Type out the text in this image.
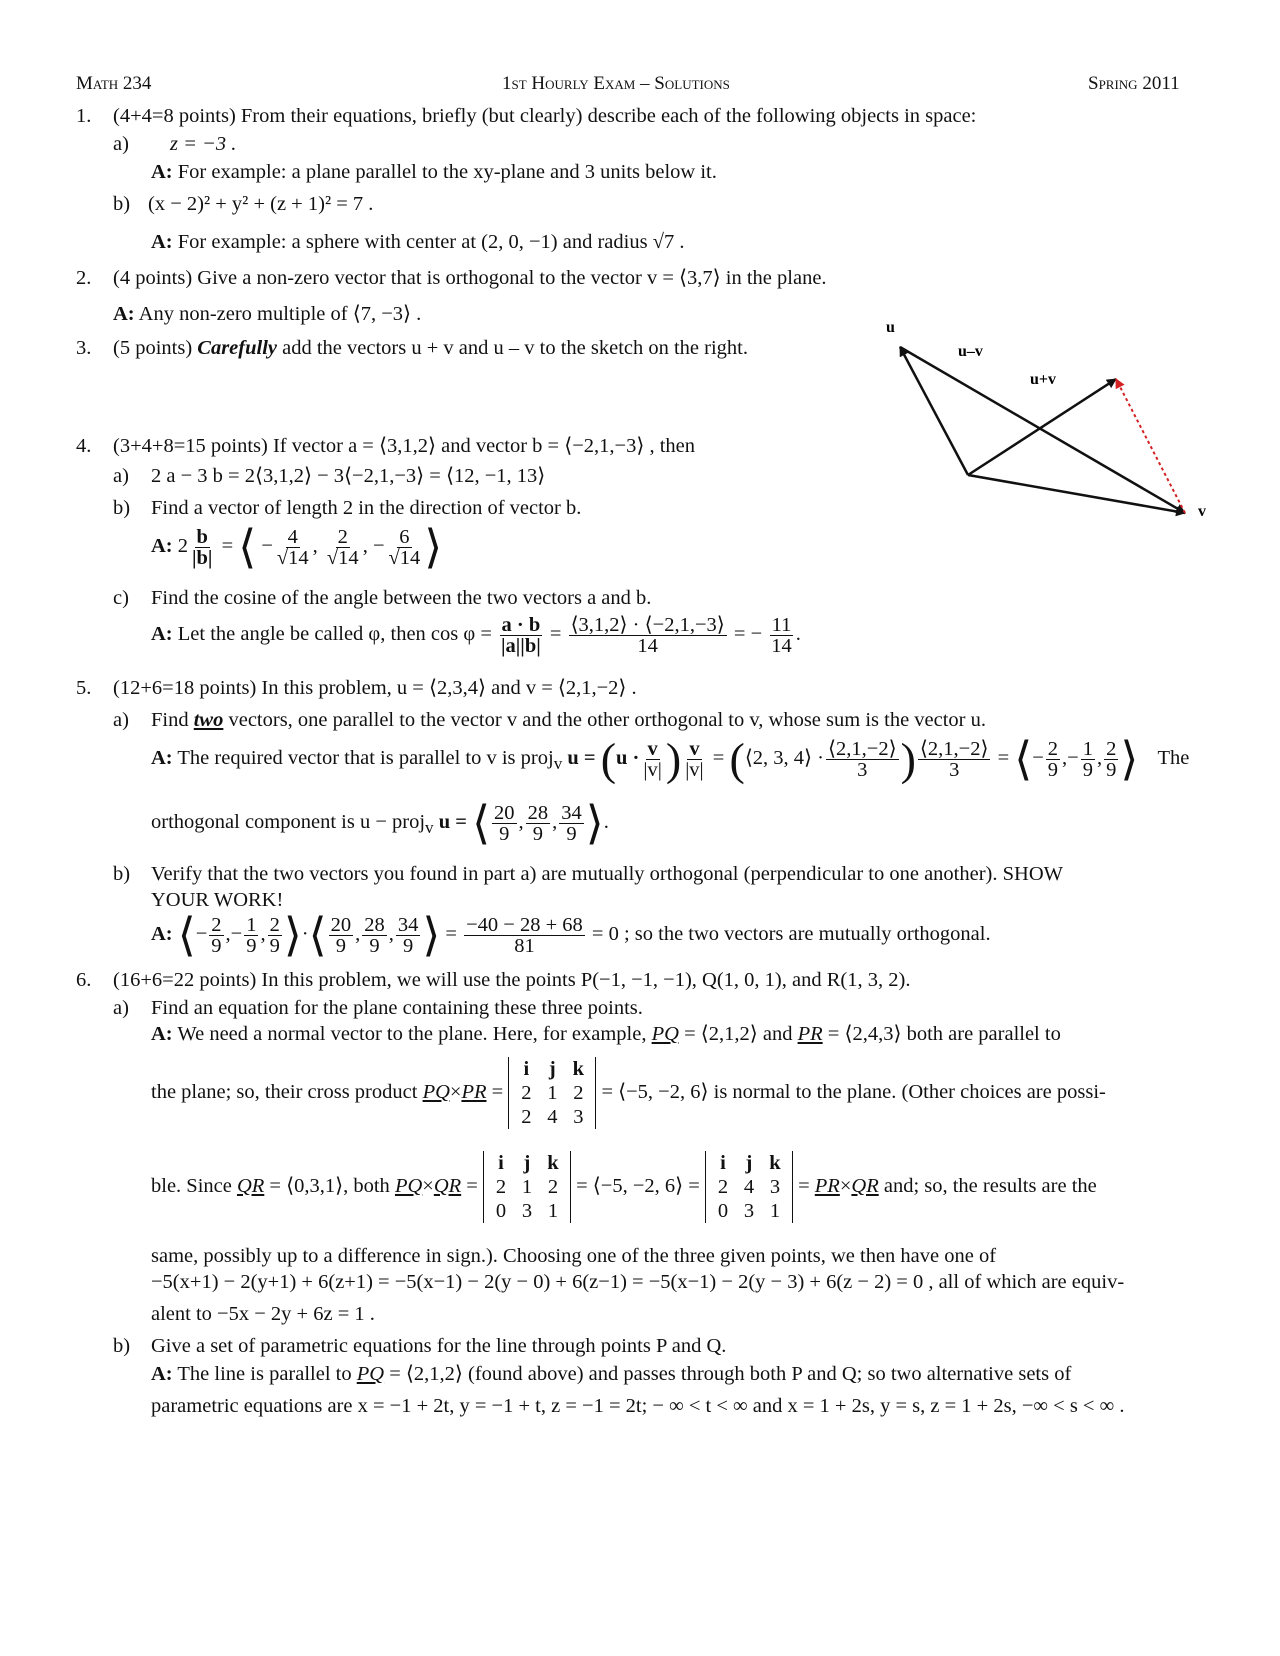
Math 234	1st Hourly Exam – Solutions	Spring 2011
1. (4+4=8 points) From their equations, briefly (but clearly) describe each of the following objects in space:
a) z = −3 .
A: For example: a plane parallel to the xy-plane and 3 units below it.
b) (x − 2)² + y² + (z + 1)² = 7 .
A: For example: a sphere with center at (2, 0, −1) and radius √7 .
2. (4 points) Give a non-zero vector that is orthogonal to the vector v = ⟨3,7⟩ in the plane.
A: Any non-zero multiple of ⟨7, −3⟩ .
3. (5 points) Carefully add the vectors u + v and u – v to the sketch on the right.
u
v
u–v
u+v
4. (3+4+8=15 points) If vector a = ⟨3,1,2⟩ and vector b = ⟨−2,1,−3⟩ , then
a) 2 a − 3 b = 2⟨3,1,2⟩ − 3⟨−2,1,−3⟩ = ⟨12, −1, 13⟩
b) Find a vector of length 2 in the direction of vector b.
A: $2 \frac{b}{|b|}$ = ⟨ − $\frac{4}{√14}$ , $\frac{2}{√14}$ , − $\frac{6}{√14}$ ⟩
c) Find the cosine of the angle between the two vectors a and b.
A: Let the angle be called φ, then $\cos \varphi = \frac{a \cdot b}{|a||b|} = \frac{⟨3,1,2⟩ \cdot ⟨-2,1,-3⟩}{14}$ = − $\frac{11}{14}$ .
5. (12+6=18 points) In this problem, u = ⟨2,3,4⟩ and v = ⟨2,1,−2⟩ .
a) Find two vectors, one parallel to the vector v and the other orthogonal to v, whose sum is the vector u.
A: The required vector that is parallel to v is proj$_v$ $u = (u \cdot \frac{v}{|v|}$ ) $\frac{v}{|v|}$ = (⟨2, 3, 4⟩ · $\frac{⟨2,1,-2⟩}{3}$ ) $\frac{⟨2,1,-2⟩}{3}$ = ⟨− $\frac{2}{9}$ ,− $\frac{1}{9}$ , $\frac{2}{9}$ ⟩ The
orthogonal component is u − proj$_v$ u = ⟨ $\frac{20}{9}$ , $\frac{28}{9}$ , $\frac{34}{9}$ ⟩.
b) Verify that the two vectors you found in part a) are mutually orthogonal (perpendicular to one another). SHOW
YOUR WORK!
A: ⟨− $\frac{2}{9}$ ,− $\frac{1}{9}$ , $\frac{2}{9}$ ⟩·⟨ $\frac{20}{9}$ , $\frac{28}{9}$ , $\frac{34}{9}$ ⟩ = $\frac{-40 - 28 + 68}{81} = 0$ ; so the two vectors are mutually orthogonal.
6. (16+6=22 points) In this problem, we will use the points P(−1, −1, −1), Q(1, 0, 1), and R(1, 3, 2).
a) Find an equation for the plane containing these three points.
A: We need a normal vector to the plane. Here, for example, PQ = ⟨2,1,2⟩ and PR = ⟨2,4,3⟩ both are parallel to
the plane; so, their cross product PQ×PR = i j k
2 1 2
2 4 3 = ⟨−5, −2, 6⟩ is normal to the plane. (Other choices are possi-
ble. Since QR = ⟨0,3,1⟩, both PQ×QR = i j k
2 1 2
0 3 1 = ⟨−5, −2, 6⟩ = i j k
2 4 3
0 3 1 = PR×QR and; so, the results are the
same, possibly up to a difference in sign.). Choosing one of the three given points, we then have one of
−5(x+1) − 2(y+1) + 6(z+1) = −5(x−1) − 2(y − 0) + 6(z−1) = −5(x−1) − 2(y − 3) + 6(z − 2) = 0 , all of which are equiv-
alent to −5x − 2y + 6z = 1 .
b) Give a set of parametric equations for the line through points P and Q.
A: The line is parallel to PQ = ⟨2,1,2⟩ (found above) and passes through both P and Q; so two alternative sets of
parametric equations are x = −1 + 2t, y = −1 + t, z = −1 = 2t; − ∞ < t < ∞ and x = 1 + 2s, y = s, z = 1 + 2s, −∞ < s < ∞ .
